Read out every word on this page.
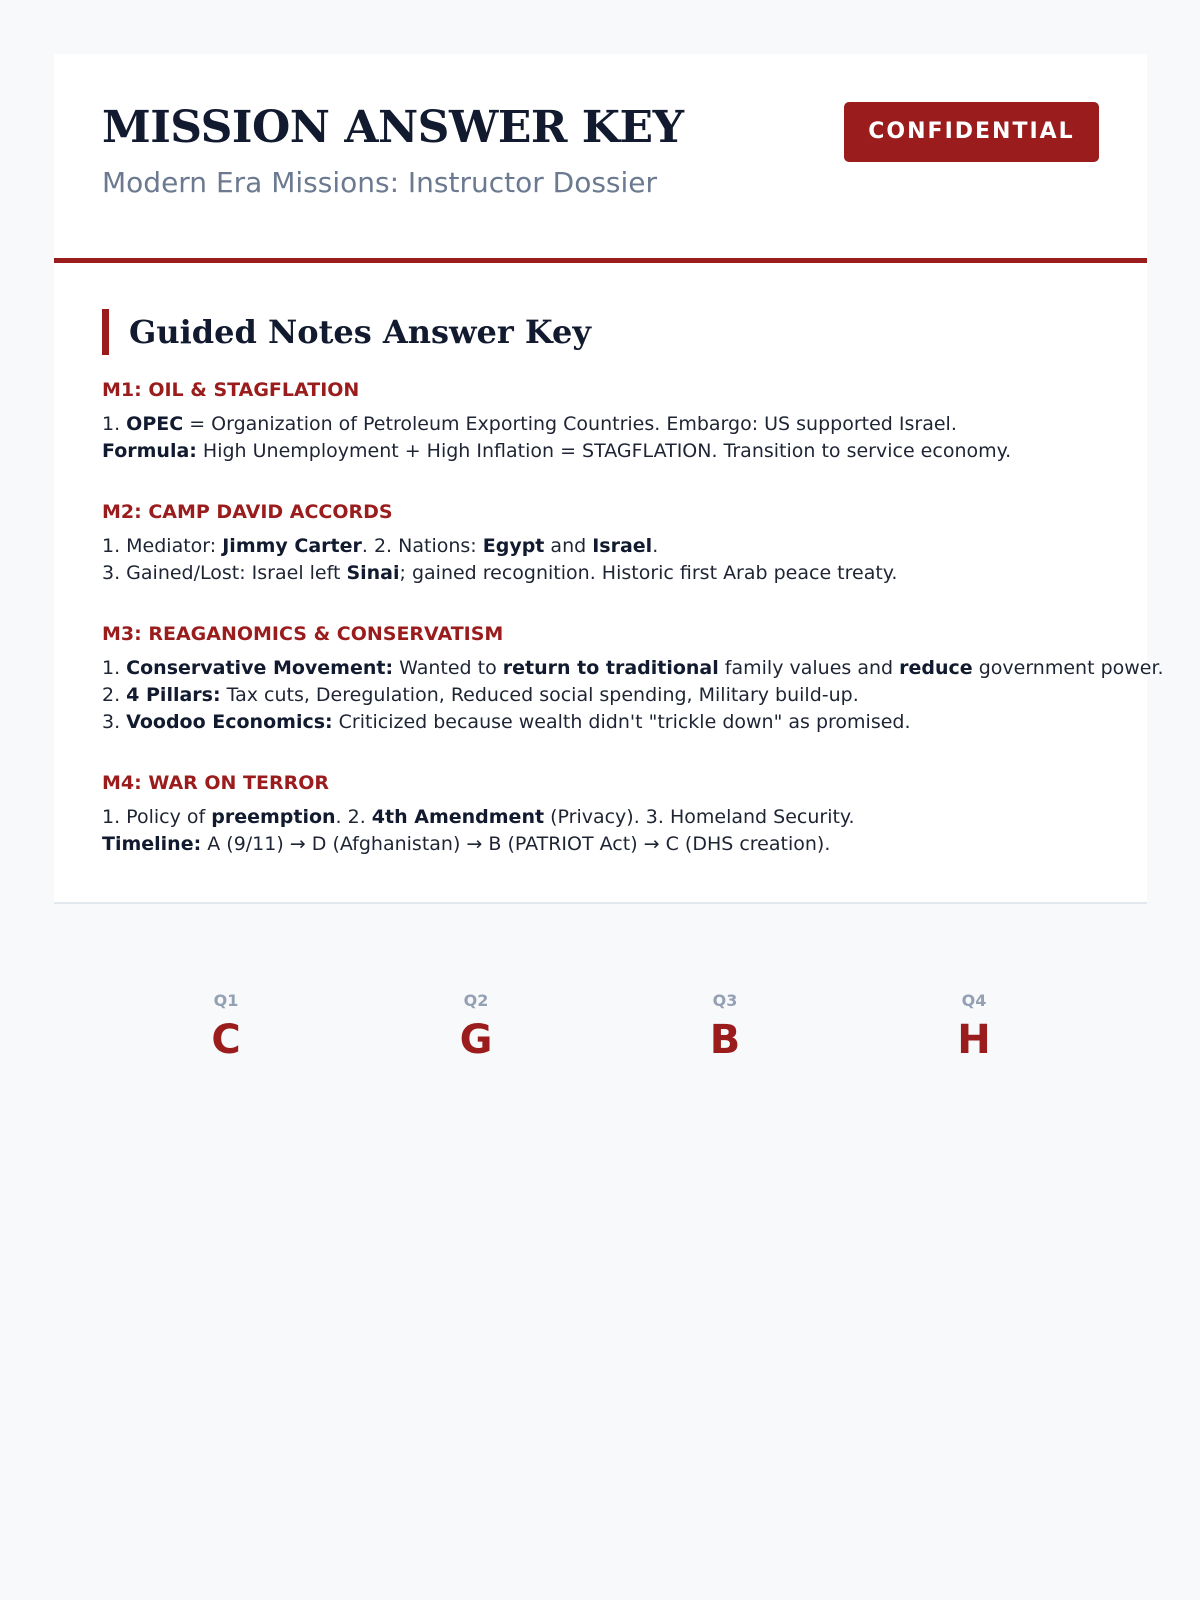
MISSION ANSWER KEY
Modern Era Missions: Instructor Dossier
CONFIDENTIAL
Guided Notes Answer Key
M1: OIL & STAGFLATION
1. OPEC = Organization of Petroleum Exporting Countries. Embargo: US supported Israel.
Formula: High Unemployment + High Inflation = STAGFLATION. Transition to service economy.
M2: CAMP DAVID ACCORDS
1. Mediator: Jimmy Carter. 2. Nations: Egypt and Israel.
3. Gained/Lost: Israel left Sinai; gained recognition. Historic first Arab peace treaty.
M3: REAGANOMICS & CONSERVATISM
1. Conservative Movement: Wanted to return to traditional family values and reduce government power.
2. 4 Pillars: Tax cuts, Deregulation, Reduced social spending, Military build-up.
3. Voodoo Economics: Criticized because wealth didn't "trickle down" as promised.
M4: WAR ON TERROR
1. Policy of preemption. 2. 4th Amendment (Privacy). 3. Homeland Security.
Timeline: A (9/11) → D (Afghanistan) → B (PATRIOT Act) → C (DHS creation).
Q1
C
Q2
G
Q3
B
Q4
H
